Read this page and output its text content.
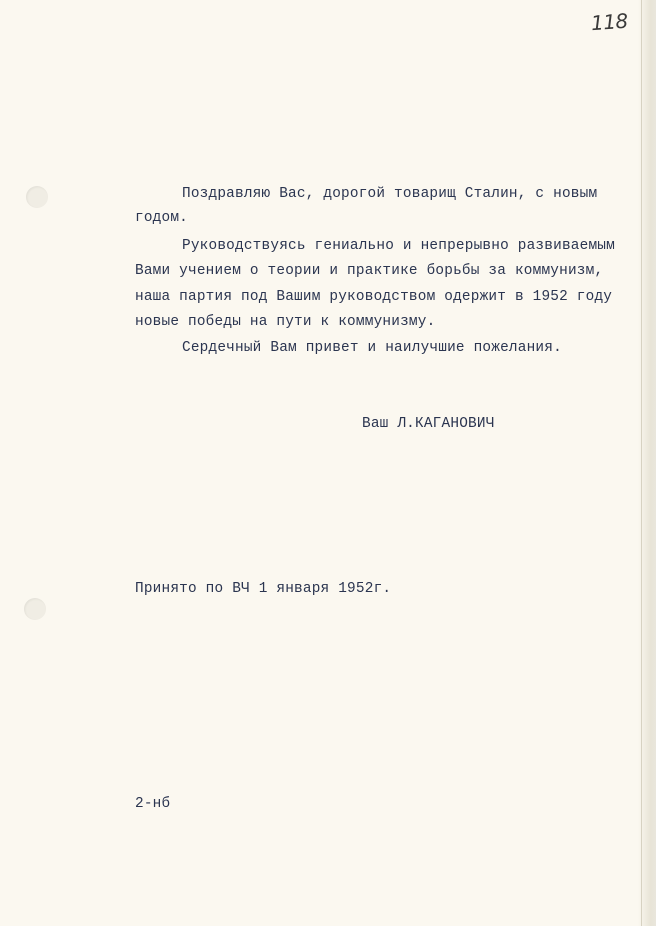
118
Поздравляю Вас, дорогой товарищ Сталин, с новым
годом.
Руководствуясь гениально и непрерывно развиваемым
Вами учением о теории и практике борьбы за коммунизм,
наша партия под Вашим руководством одержит в 1952 году
новые победы на пути к коммунизму.
Сердечный Вам привет и наилучшие пожелания.
Ваш Л.КАГАНОВИЧ
Принято по ВЧ 1 января 1952г.
2-нб
